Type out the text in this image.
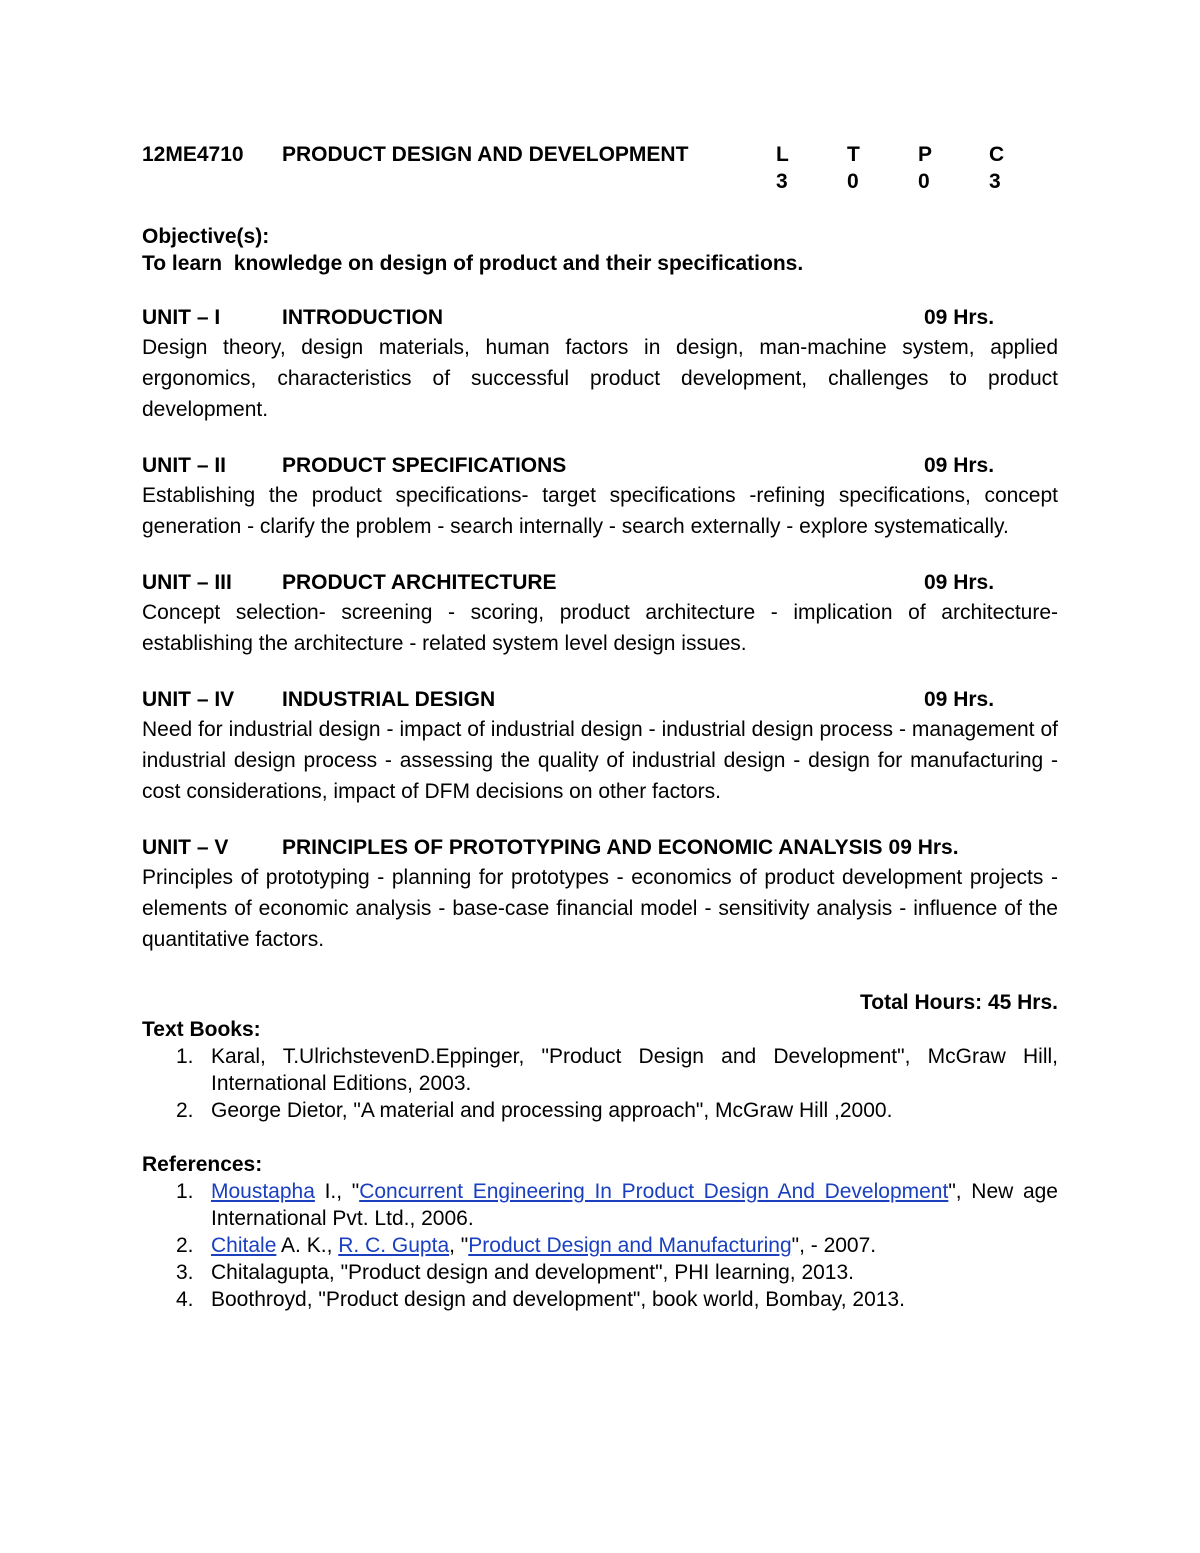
12ME4710	PRODUCT DESIGN AND DEVELOPMENT	L	T	P	C
3	0	0	3
Objective(s):
To learn  knowledge on design of product and their specifications.
UNIT – I	INTRODUCTION	09 Hrs.
Design theory, design materials, human factors in design, man-machine system, applied ergonomics, characteristics of successful product development, challenges to product development.
UNIT – II	PRODUCT SPECIFICATIONS	09 Hrs.
Establishing the product specifications- target specifications -refining specifications, concept generation - clarify the problem - search internally - search externally - explore systematically.
UNIT – III	PRODUCT ARCHITECTURE	09 Hrs.
Concept selection- screening - scoring, product architecture - implication of architecture- establishing the architecture - related system level design issues.
UNIT – IV	INDUSTRIAL DESIGN	09 Hrs.
Need for industrial design - impact of industrial design - industrial design process - management of industrial design process - assessing the quality of industrial design - design for manufacturing - cost considerations, impact of DFM decisions on other factors.
UNIT – V	PRINCIPLES OF PROTOTYPING AND ECONOMIC ANALYSIS 09 Hrs.
Principles of prototyping - planning for prototypes - economics of product development projects - elements of economic analysis - base-case financial model - sensitivity analysis - influence of the quantitative factors.
Total Hours: 45 Hrs.
Text Books:
1. Karal, T.UlrichstevenD.Eppinger, "Product Design and Development", McGraw Hill, International Editions, 2003.
2. George Dietor, "A material and processing approach", McGraw Hill ,2000.
References:
1. Moustapha I., "Concurrent Engineering In Product Design And Development", New age International Pvt. Ltd., 2006.
2. Chitale A. K., R. C. Gupta, "Product Design and Manufacturing", - 2007.
3. Chitalagupta, "Product design and development", PHI learning, 2013.
4. Boothroyd, "Product design and development", book world, Bombay, 2013.
